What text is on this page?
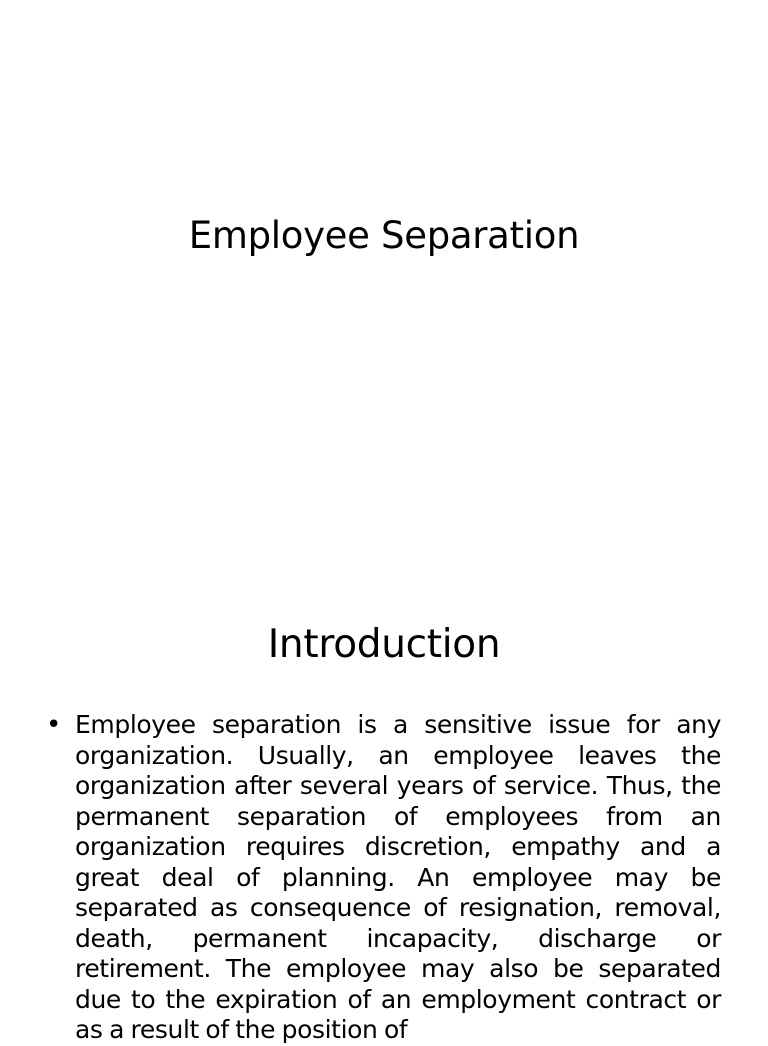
Employee Separation
Introduction
• Employee separation is a sensitive issue for any organization. Usually, an employee leaves the organization after several years of service. Thus, the permanent separation of employees from an organization requires discretion, empathy and a great deal of planning. An employee may be separated as consequence of resignation, removal, death, permanent incapacity, discharge or retirement. The employee may also be separated due to the expiration of an employment contract or as a result of the position of
